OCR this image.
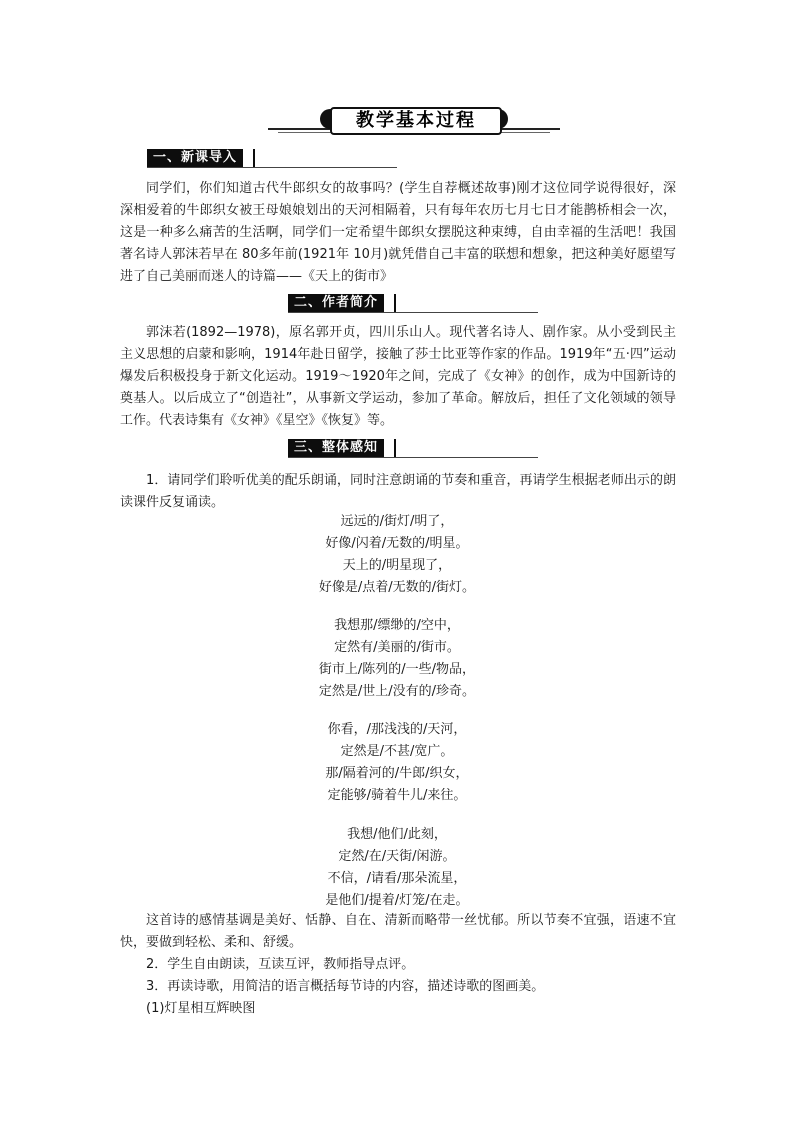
教学基本过程
一、新课导入
同学们，你们知道古代牛郎织女的故事吗？(学生自荐概述故事)刚才这位同学说得很好，深深相爱着的牛郎织女被王母娘娘划出的天河相隔着，只有每年农历七月七日才能鹊桥相会一次，这是一种多么痛苦的生活啊，同学们一定希望牛郎织女摆脱这种束缚，自由幸福的生活吧！我国著名诗人郭沫若早在 80多年前(1921年 10月)就凭借自己丰富的联想和想象，把这种美好愿望写进了自己美丽而迷人的诗篇——《天上的街市》
二、作者简介
郭沫若(1892—1978)，原名郭开贞，四川乐山人。现代著名诗人、剧作家。从小受到民主主义思想的启蒙和影响，1914年赴日留学，接触了莎士比亚等作家的作品。1919年“五·四”运动爆发后积极投身于新文化运动。1919～1920年之间，完成了《女神》的创作，成为中国新诗的奠基人。以后成立了“创造社”，从事新文学运动，参加了革命。解放后，担任了文化领域的领导工作。代表诗集有《女神》《星空》《恢复》等。
三、整体感知
1．请同学们聆听优美的配乐朗诵，同时注意朗诵的节奏和重音，再请学生根据老师出示的朗读课件反复诵读。
远远的/街灯/明了，
好像/闪着/无数的/明星。
天上的/明星现了，
好像是/点着/无数的/街灯。
我想那/缥缈的/空中，
定然有/美丽的/街市。
街市上/陈列的/一些/物品，
定然是/世上/没有的/珍奇。
你看，/那浅浅的/天河，
定然是/不甚/宽广。
那/隔着河的/牛郎/织女，
定能够/骑着牛儿/来往。
我想/他们/此刻，
定然/在/天街/闲游。
不信，/请看/那朵流星，
是他们/提着/灯笼/在走。
这首诗的感情基调是美好、恬静、自在、清新而略带一丝忧郁。所以节奏不宜强，语速不宜快，要做到轻松、柔和、舒缓。
2．学生自由朗读，互读互评，教师指导点评。
3．再读诗歌，用简洁的语言概括每节诗的内容，描述诗歌的图画美。
(1)灯星相互辉映图
